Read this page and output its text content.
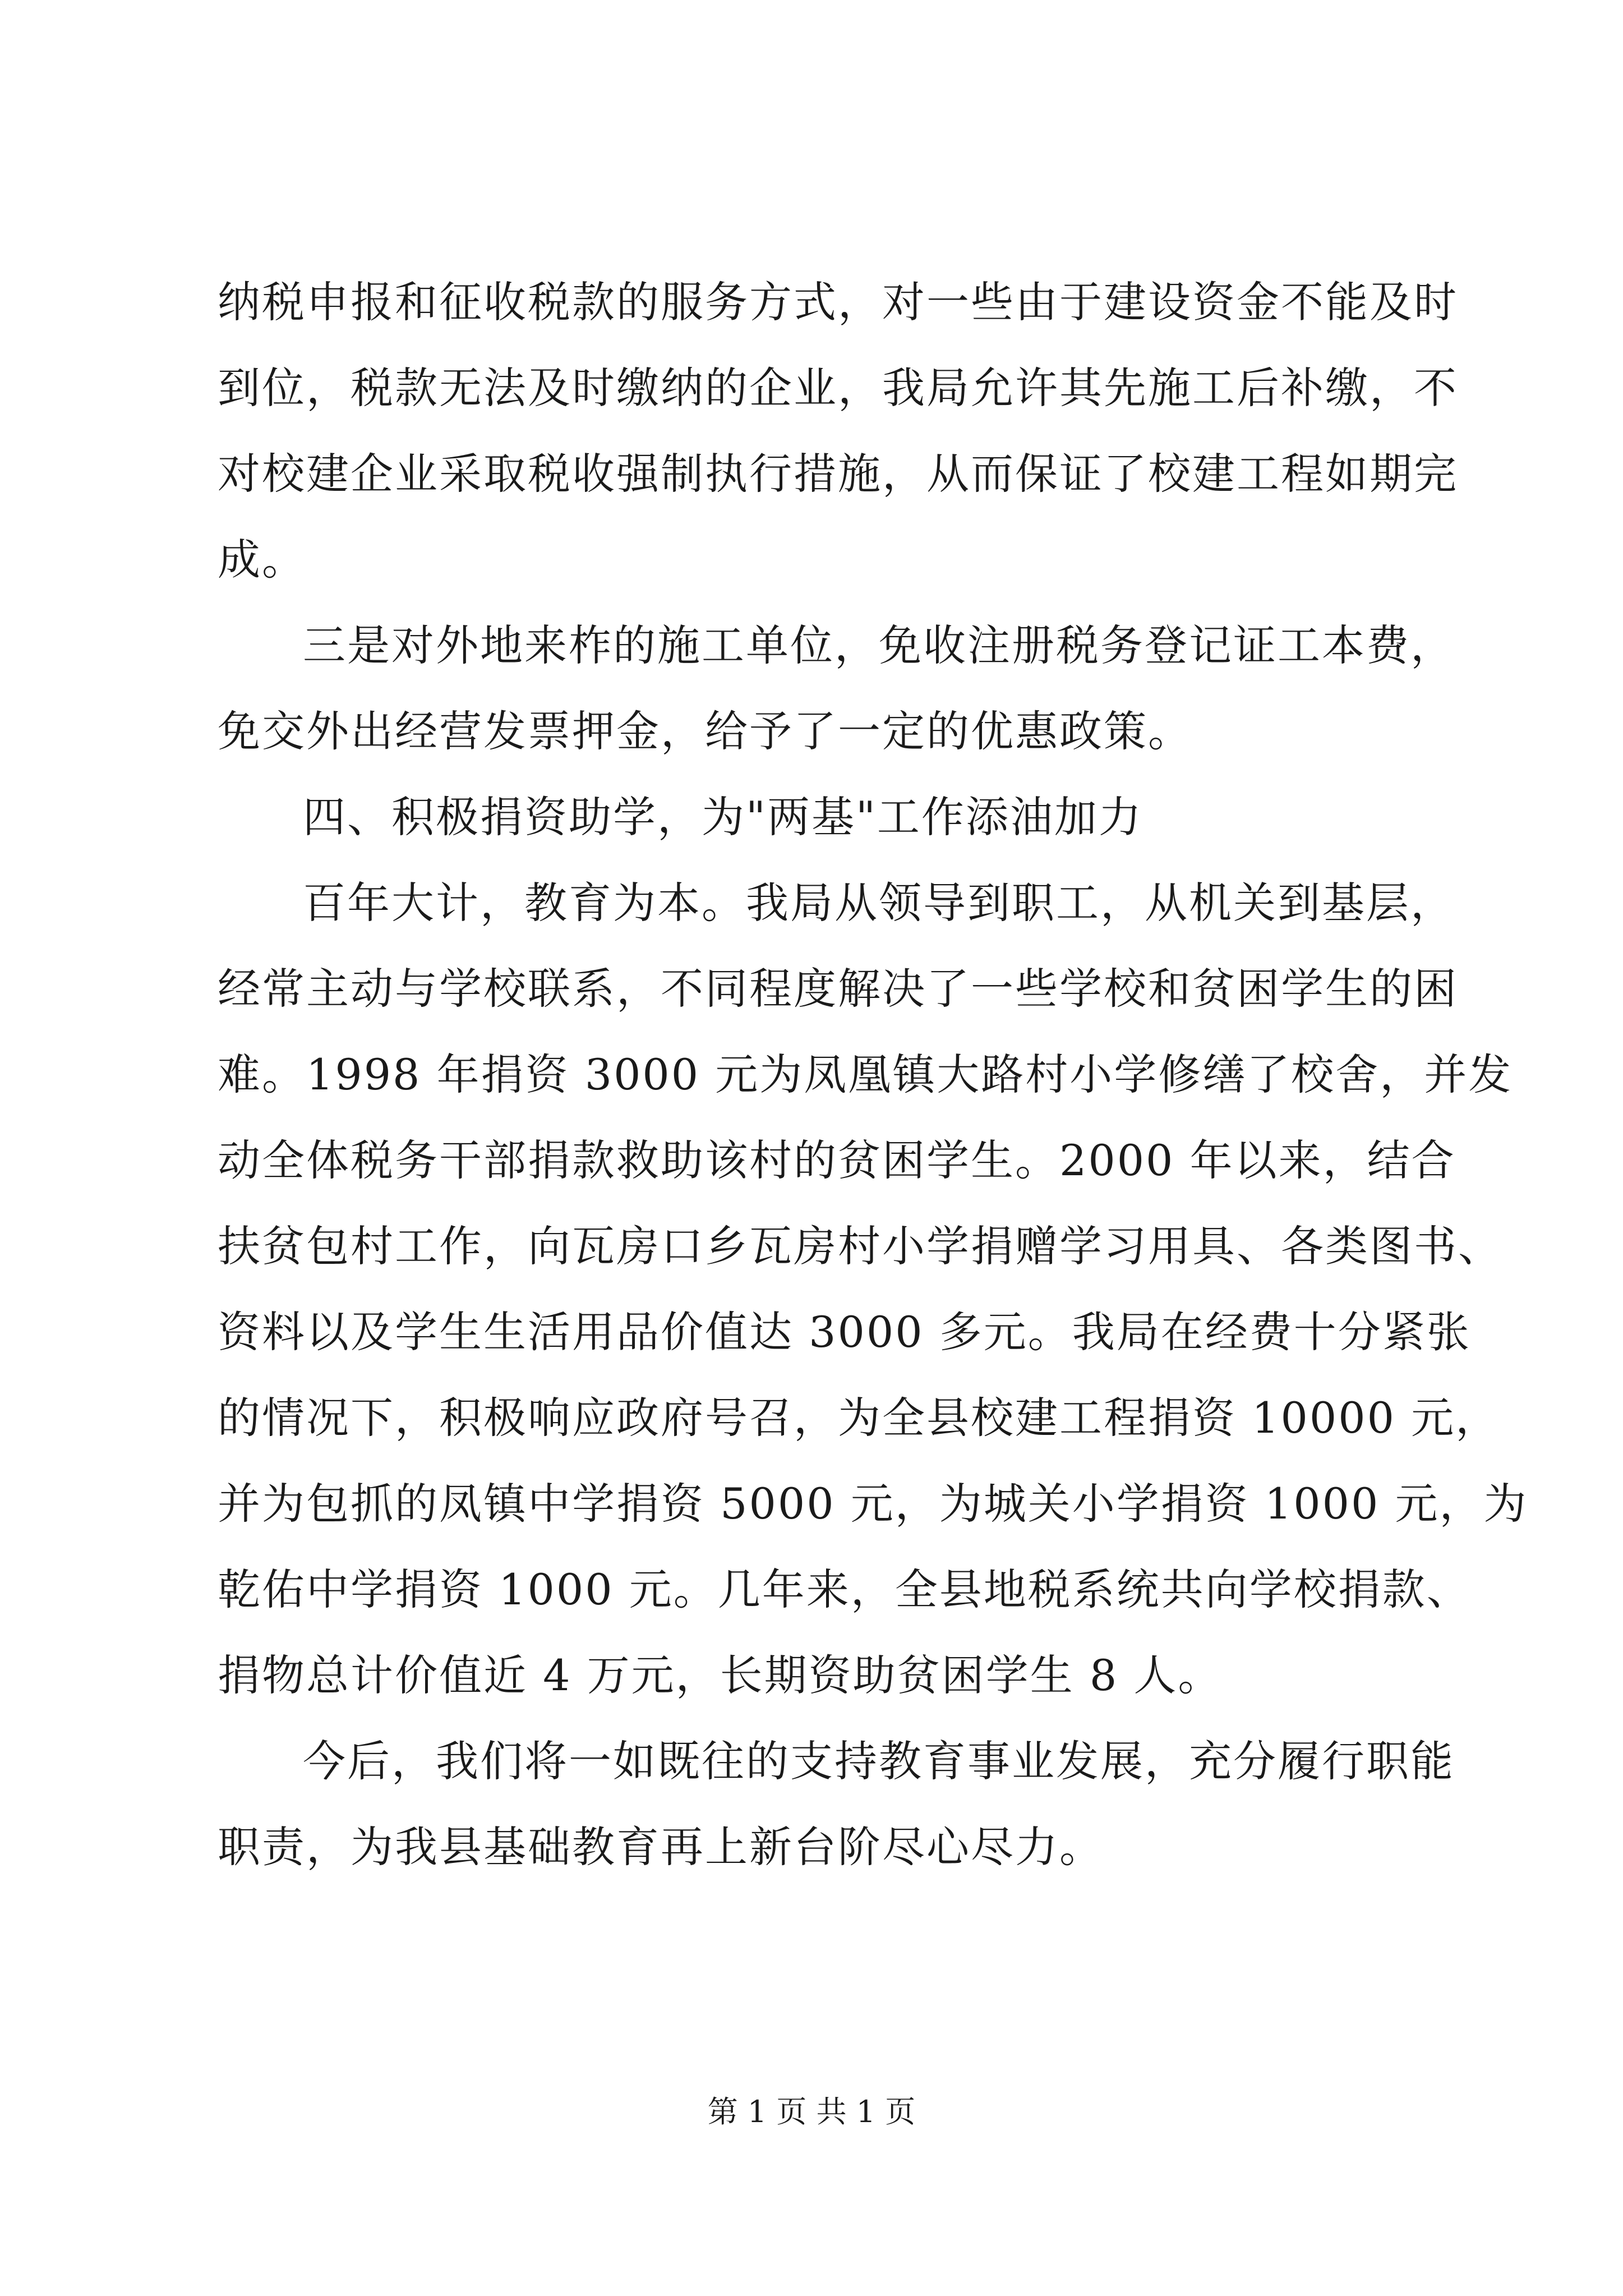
纳税申报和征收税款的服务方式，对一些由于建设资金不能及时
到位，税款无法及时缴纳的企业，我局允许其先施工后补缴，不
对校建企业采取税收强制执行措施，从而保证了校建工程如期完
成。
三是对外地来柞的施工单位，免收注册税务登记证工本费，
免交外出经营发票押金，给予了一定的优惠政策。
四、积极捐资助学，为"两基"工作添油加力
百年大计，教育为本。我局从领导到职工，从机关到基层，
经常主动与学校联系，不同程度解决了一些学校和贫困学生的困
难。1998 年捐资 3000 元为凤凰镇大路村小学修缮了校舍，并发
动全体税务干部捐款救助该村的贫困学生。2000 年以来，结合
扶贫包村工作，向瓦房口乡瓦房村小学捐赠学习用具、各类图书、
资料以及学生生活用品价值达 3000 多元。我局在经费十分紧张
的情况下，积极响应政府号召，为全县校建工程捐资 10000 元，
并为包抓的凤镇中学捐资 5000 元，为城关小学捐资 1000 元，为
乾佑中学捐资 1000 元。几年来，全县地税系统共向学校捐款、
捐物总计价值近 4 万元，长期资助贫困学生 8 人。
今后，我们将一如既往的支持教育事业发展，充分履行职能
职责，为我县基础教育再上新台阶尽心尽力。
第 1 页 共 1 页
